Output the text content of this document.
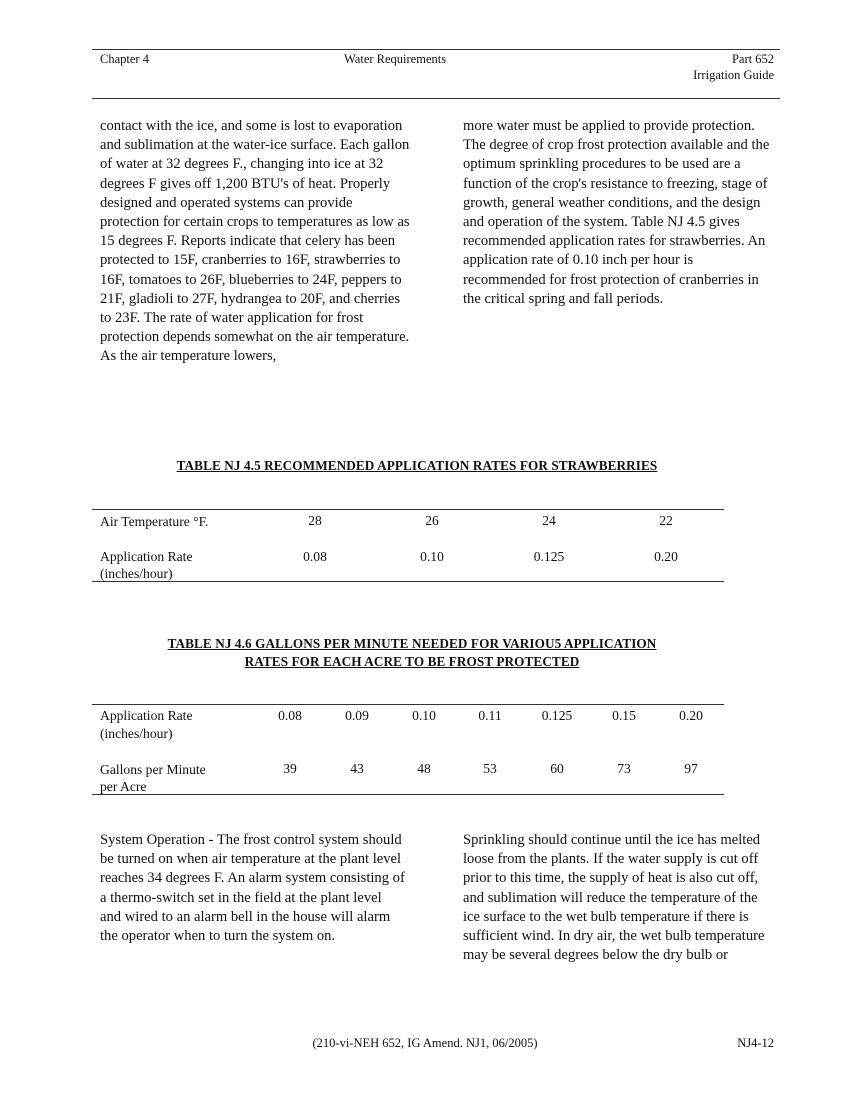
Chapter 4	Water Requirements	Part 652
Irrigation Guide

contact with the ice, and some is lost to evaporation and sublimation at the water-ice surface. Each gallon of water at 32 degrees F., changing into ice at 32 degrees F gives off 1,200 BTU's of heat. Properly designed and operated systems can provide protection for certain crops to temperatures as low as 15 degrees F. Reports indicate that celery has been protected to 15F, cranberries to 16F, strawberries to 16F, tomatoes to 26F, blueberries to 24F, peppers to 21F, gladioli to 27F, hydrangea to 20F, and cherries to 23F. The rate of water application for frost protection depends somewhat on the air temperature. As the air temperature lowers,

more water must be applied to provide protection. The degree of crop frost protection available and the optimum sprinkling procedures to be used are a function of the crop's resistance to freezing, stage of growth, general weather conditions, and the design and operation of the system. Table NJ 4.5 gives recommended application rates for strawberries. An application rate of 0.10 inch per hour is recommended for frost protection of cranberries in the critical spring and fall periods.

TABLE NJ 4.5 RECOMMENDED APPLICATION RATES FOR STRAWBERRIES
Air Temperature °F.	28	26	24	22
Application Rate
(inches/hour)
0.08	0.10	0.125	0.20
TABLE NJ 4.6 GALLONS PER MINUTE NEEDED FOR VARIOU5 APPLICATION
RATES FOR EACH ACRE TO BE FROST PROTECTED
Application Rate
(inches/hour)
0.08	0.09	0.10	0.11	0.125	0.15	0.20
Gallons per Minute
per Acre
39	43	48	53	60	73	97

System Operation - The frost control system should be turned on when air temperature at the plant level reaches 34 degrees F. An alarm system consisting of a thermo-switch set in the field at the plant level and wired to an alarm bell in the house will alarm the operator when to turn the system on.

Sprinkling should continue until the ice has melted loose from the plants. If the water supply is cut off prior to this time, the supply of heat is also cut off, and sublimation will reduce the temperature of the ice surface to the wet bulb temperature if there is sufficient wind. In dry air, the wet bulb temperature may be several degrees below the dry bulb or

(210-vi-NEH 652, IG Amend. NJ1, 06/2005)	NJ4-12
